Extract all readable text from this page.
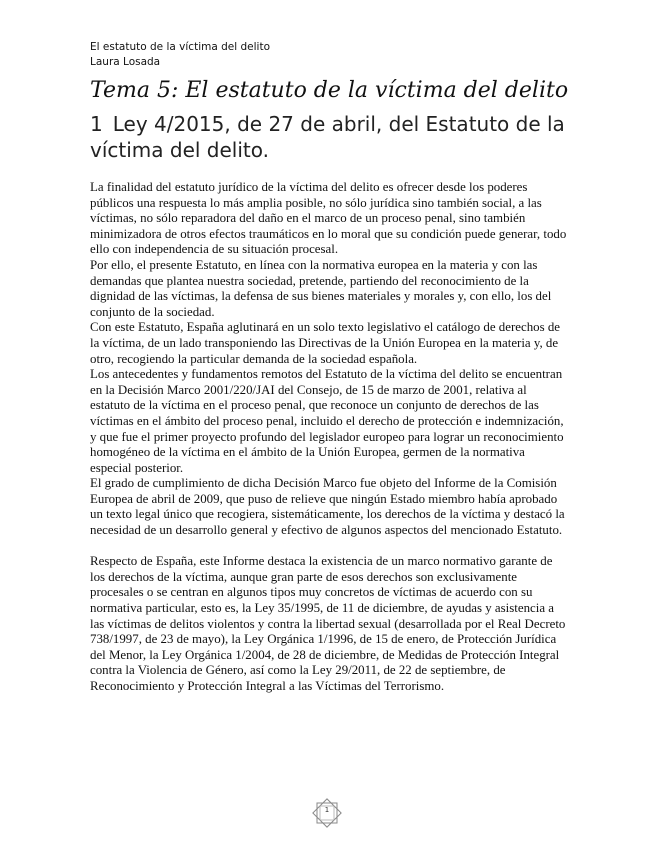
El estatuto de la víctima del delito
Laura Losada
Tema 5: El estatuto de la víctima del delito
1 Ley 4/2015, de 27 de abril, del Estatuto de la víctima del delito.

La finalidad del estatuto jurídico de la víctima del delito es ofrecer desde los poderes públicos una respuesta lo más amplia posible, no sólo jurídica sino también social, a las víctimas, no sólo reparadora del daño en el marco de un proceso penal, sino también minimizadora de otros efectos traumáticos en lo moral que su condición puede generar, todo ello con independencia de su situación procesal.

Por ello, el presente Estatuto, en línea con la normativa europea en la materia y con las demandas que plantea nuestra sociedad, pretende, partiendo del reconocimiento de la dignidad de las víctimas, la defensa de sus bienes materiales y morales y, con ello, los del conjunto de la sociedad.

Con este Estatuto, España aglutinará en un solo texto legislativo el catálogo de derechos de la víctima, de un lado transponiendo las Directivas de la Unión Europea en la materia y, de otro, recogiendo la particular demanda de la sociedad española.

Los antecedentes y fundamentos remotos del Estatuto de la víctima del delito se encuentran en la Decisión Marco 2001/220/JAI del Consejo, de 15 de marzo de 2001, relativa al estatuto de la víctima en el proceso penal, que reconoce un conjunto de derechos de las víctimas en el ámbito del proceso penal, incluido el derecho de protección e indemnización, y que fue el primer proyecto profundo del legislador europeo para lograr un reconocimiento homogéneo de la víctima en el ámbito de la Unión Europea, germen de la normativa especial posterior.

El grado de cumplimiento de dicha Decisión Marco fue objeto del Informe de la Comisión Europea de abril de 2009, que puso de relieve que ningún Estado miembro había aprobado un texto legal único que recogiera, sistemáticamente, los derechos de la víctima y destacó la necesidad de un desarrollo general y efectivo de algunos aspectos del mencionado Estatuto.

Respecto de España, este Informe destaca la existencia de un marco normativo garante de los derechos de la víctima, aunque gran parte de esos derechos son exclusivamente procesales o se centran en algunos tipos muy concretos de víctimas de acuerdo con su normativa particular, esto es, la Ley 35/1995, de 11 de diciembre, de ayudas y asistencia a las víctimas de delitos violentos y contra la libertad sexual (desarrollada por el Real Decreto 738/1997, de 23 de mayo), la Ley Orgánica 1/1996, de 15 de enero, de Protección Jurídica del Menor, la Ley Orgánica 1/2004, de 28 de diciembre, de Medidas de Protección Integral contra la Violencia de Género, así como la Ley 29/2011, de 22 de septiembre, de Reconocimiento y Protección Integral a las Víctimas del Terrorismo.

1
